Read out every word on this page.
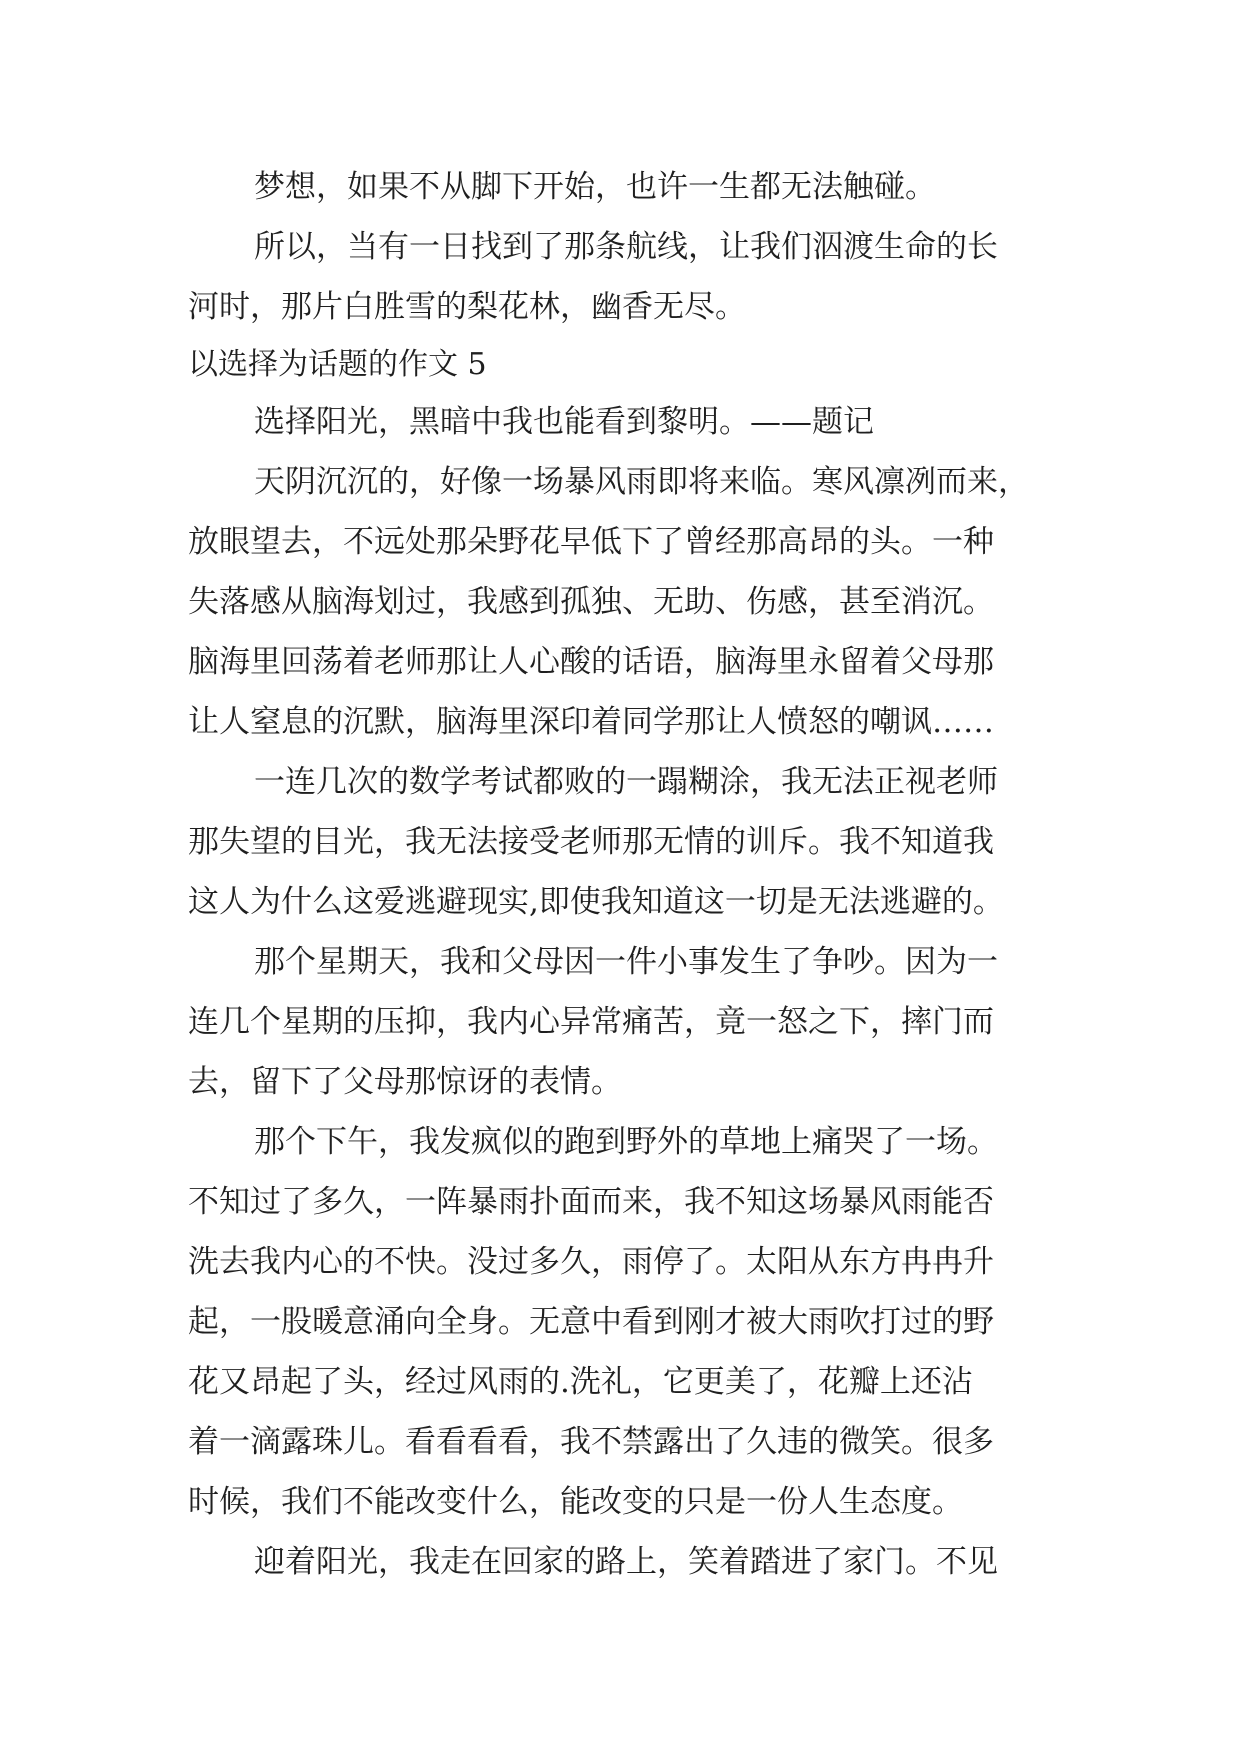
梦想，如果不从脚下开始，也许一生都无法触碰。
所以，当有一日找到了那条航线，让我们泅渡生命的长
河时，那片白胜雪的梨花林，幽香无尽。
以选择为话题的作文 5
选择阳光，黑暗中我也能看到黎明。——题记
天阴沉沉的，好像一场暴风雨即将来临。寒风凛冽而来，
放眼望去，不远处那朵野花早低下了曾经那高昂的头。一种
失落感从脑海划过，我感到孤独、无助、伤感，甚至消沉。
脑海里回荡着老师那让人心酸的话语，脑海里永留着父母那
让人窒息的沉默，脑海里深印着同学那让人愤怒的嘲讽……
一连几次的数学考试都败的一蹋糊涂，我无法正视老师
那失望的目光，我无法接受老师那无情的训斥。我不知道我
这人为什么这爱逃避现实,即使我知道这一切是无法逃避的。
那个星期天，我和父母因一件小事发生了争吵。因为一
连几个星期的压抑，我内心异常痛苦，竟一怒之下，摔门而
去，留下了父母那惊讶的表情。
那个下午，我发疯似的跑到野外的草地上痛哭了一场。
不知过了多久，一阵暴雨扑面而来，我不知这场暴风雨能否
洗去我内心的不快。没过多久，雨停了。太阳从东方冉冉升
起，一股暖意涌向全身。无意中看到刚才被大雨吹打过的野
花又昂起了头，经过风雨的.洗礼，它更美了，花瓣上还沾
着一滴露珠儿。看看看看，我不禁露出了久违的微笑。很多
时候，我们不能改变什么，能改变的只是一份人生态度。
迎着阳光，我走在回家的路上，笑着踏进了家门。不见
